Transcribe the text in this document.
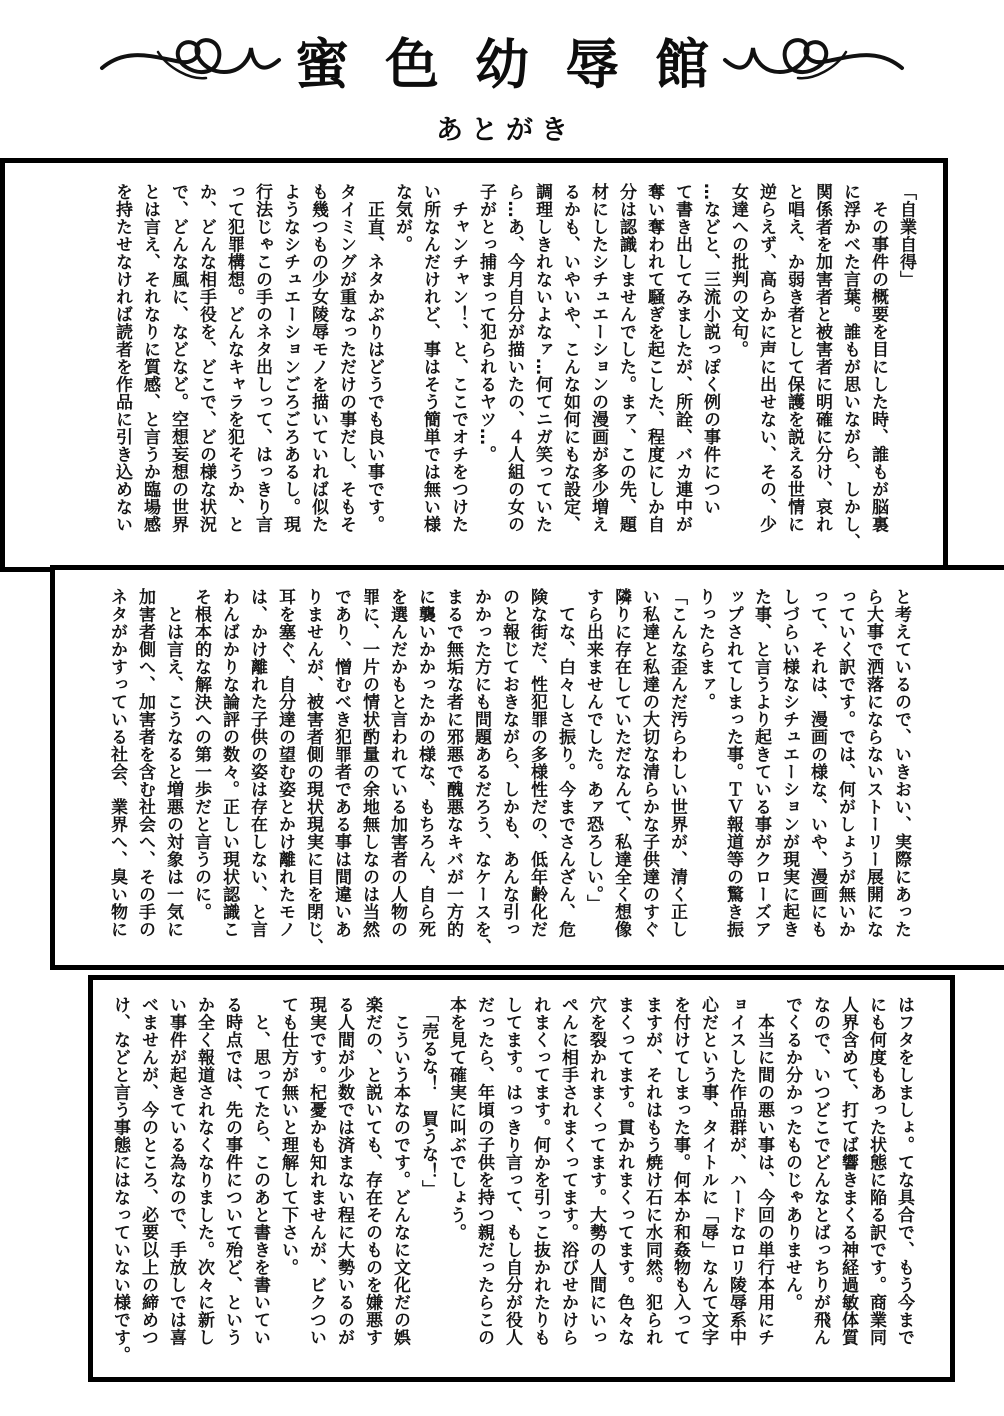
蜜色幼辱館
あとがき
「自業自得」
　その事件の概要を目にした時、誰もが脳裏
に浮かべた言葉。誰もが思いながら、しかし、
関係者を加害者と被害者に明確に分け、哀れ
と唱え、か弱き者として保護を説える世情に
逆らえず、高らかに声に出せない、その、少
女達への批判の文句。
…などと、三流小説っぽく例の事件につい
て書き出してみましたが、所詮、バカ連中が
奪い奪われて騒ぎを起こした、程度にしか自
分は認識しませんでした。まァ、この先、題
材にしたシチュエーションの漫画が多少増え
るかも、いやいや、こんな如何にもな設定、
調理しきれないよなァ…何てニガ笑っていた
ら…あ、今月自分が描いたの、４人組の女の
子がとっ捕まって犯られるヤツ…。
　チャンチャン！、と、ここでオチをつけた
い所なんだけれど、事はそう簡単では無い様
な気が。
　正直、ネタかぶりはどうでも良い事です。
タイミングが重なっただけの事だし、そもそ
も幾つもの少女陵辱モノを描いていれば似た
ようなシチュエーションごろごろあるし。現
行法じゃこの手のネタ出しって、はっきり言
って犯罪構想。どんなキャラを犯そうか、と
か、どんな相手役を、どこで、どの様な状況
で、どんな風に、などなど。空想妄想の世界
とは言え、それなりに質感、と言うか臨場感
を持たせなければ読者を作品に引き込めない
と考えているので、いきおい、実際にあった
ら大事で洒落にならないストーリー展開にな
っていく訳です。では、何がしょうが無いか
って、それは、漫画の様な、いや、漫画にも
しづらい様なシチュエーションが現実に起き
た事、と言うより起きている事がクローズア
ップされてしまった事。ＴＶ報道等の驚き振
りったらまァ。
「こんな歪んだ汚らわしい世界が、清く正し
い私達と私達の大切な清らかな子供達のすぐ
隣りに存在していただなんて、私達全く想像
すら出来ませんでした。あァ恐ろしい。」
　てな、白々しさ振り。今までさんざん、危
険な街だ、性犯罪の多様性だの、低年齢化だ
のと報じておきながら、しかも、あんな引っ
かかった方にも問題あるだろう、なケースを、
まるで無垢な者に邪悪で醜悪なキバが一方的
に襲いかかったかの様な、もちろん、自ら死
を選んだかもと言われている加害者の人物の
罪に、一片の情状酌量の余地無しなのは当然
であり、憎むべき犯罪者である事は間違いあ
りませんが、被害者側の現状現実に目を閉じ、
耳を塞ぐ、自分達の望む姿とかけ離れたモノ
は、かけ離れた子供の姿は存在しない、と言
わんばかりな論評の数々。正しい現状認識こ
そ根本的な解決への第一歩だと言うのに。
　とは言え、こうなると増悪の対象は一気に
加害者側へ、加害者を含む社会へ、その手の
ネタがかすっている社会、業界へ、臭い物に
はフタをしましょ。てな具合で、もう今まで
にも何度もあった状態に陥る訳です。商業同
人界含めて、打てば響きまくる神経過敏体質
なので、いつどこでどんなとばっちりが飛ん
でくるか分かったものじゃありません。
　本当に間の悪い事は、今回の単行本用にチ
ョイスした作品群が、ハードなロリ陵辱系中
心だという事、タイトルに「辱」なんて文字
を付けてしまった事。何本か和姦物も入って
ますが、それはもう焼け石に水同然。犯られ
まくってます。貫かれまくってます。色々な
穴を裂かれまくってます。大勢の人間にいっ
ぺんに相手されまくってます。浴びせかけら
れまくってます。何かを引っこ抜かれたりも
してます。はっきり言って、もし自分が役人
だったら、年頃の子供を持つ親だったらこの
本を見て確実に叫ぶでしょう。
　「売るな！　買うな！」
　こういう本なのです。どんなに文化だの娯
楽だの、と説いても、存在そのものを嫌悪す
る人間が少数では済まない程に大勢いるのが
現実です。杞憂かも知れませんが、ビクつい
ても仕方が無いと理解して下さい。
　と、思ってたら、このあと書きを書いてい
る時点では、先の事件について殆ど、という
か全く報道されなくなりました。次々に新し
い事件が起きている為なので、手放しでは喜
べませんが、今のところ、必要以上の締めつ
け、などと言う事態にはなっていない様です。
